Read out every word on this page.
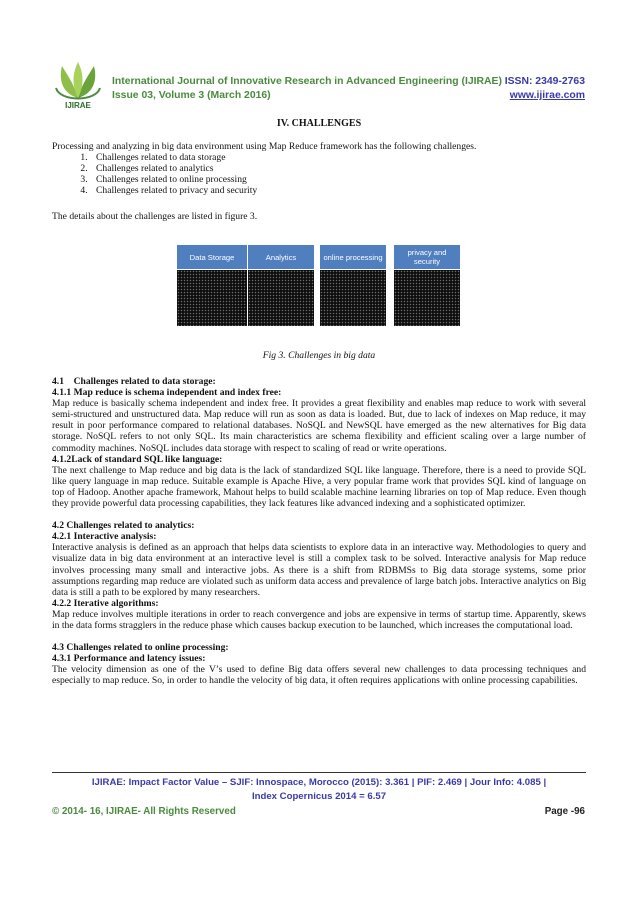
IJIRAE
International Journal of Innovative Research in Advanced Engineering (IJIRAE)
Issue 03, Volume 3 (March 2016)
ISSN: 2349-2763
www.ijirae.com
IV. CHALLENGES

Processing and analyzing in big data environment using Map Reduce framework has the following challenges.

1. Challenges related to data storage
2. Challenges related to analytics
3. Challenges related to online processing
4. Challenges related to privacy and security

The details about the challenges are listed in figure 3.

Data Storage	Analytics	online processing	privacy and security
Fig 3. Challenges in big data
4.1    Challenges related to data storage:
4.1.1 Map reduce is schema independent and index free:

Map reduce is basically schema independent and index free. It provides a great flexibility and enables map reduce to work with several semi-structured and unstructured data. Map reduce will run as soon as data is loaded. But, due to lack of indexes on Map reduce, it may result in poor performance compared to relational databases. NoSQL and NewSQL have emerged as the new alternatives for Big data storage. NoSQL refers to not only SQL. Its main characteristics are schema flexibility and efficient scaling over a large number of commodity machines. NoSQL includes data storage with respect to scaling of read or write operations.

4.1.2Lack of standard SQL like language:

The next challenge to Map reduce and big data is the lack of standardized SQL like language. Therefore, there is a need to provide SQL like query language in map reduce. Suitable example is Apache Hive, a very popular frame work that provides SQL kind of language on top of Hadoop. Another apache framework, Mahout helps to build scalable machine learning libraries on top of Map reduce. Even though they provide powerful data processing capabilities, they lack features like advanced indexing and a sophisticated optimizer.

4.2 Challenges related to analytics:
4.2.1 Interactive analysis:

Interactive analysis is defined as an approach that helps data scientists to explore data in an interactive way. Methodologies to query and visualize data in big data environment at an interactive level is still a complex task to be solved. Interactive analysis for Map reduce involves processing many small and interactive jobs. As there is a shift from RDBMSs to Big data storage systems, some prior assumptions regarding map reduce are violated such as uniform data access and prevalence of large batch jobs. Interactive analytics on Big data is still a path to be explored by many researchers.

4.2.2 Iterative algorithms:

Map reduce involves multiple iterations in order to reach convergence and jobs are expensive in terms of startup time. Apparently, skews in the data forms stragglers in the reduce phase which causes backup execution to be launched, which increases the computational load.

4.3 Challenges related to online processing:
4.3.1 Performance and latency issues:

The velocity dimension as one of the V’s used to define Big data offers several new challenges to data processing techniques and especially to map reduce. So, in order to handle the velocity of big data, it often requires applications with online processing capabilities.

IJIRAE: Impact Factor Value – SJIF: Innospace, Morocco (2015): 3.361 | PIF: 2.469 | Jour Info: 4.085 |
Index Copernicus 2014 = 6.57
© 2014- 16, IJIRAE- All Rights Reserved	Page -96
